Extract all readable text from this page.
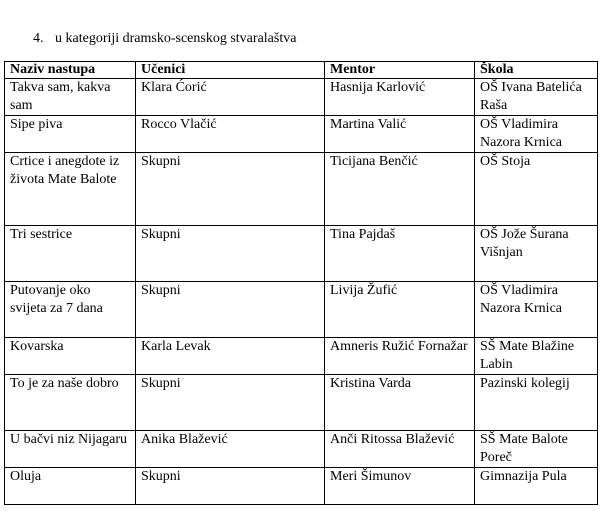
4. u kategoriji dramsko-scenskog stvaralaštva
Naziv nastupa	Učenici	Mentor	Škola
Takva sam, kakva sam	Klara Ćorić	Hasnija Karlović	OŠ Ivana Batelića Raša
Sipe piva	Rocco Vlačić	Martina Valić	OŠ Vladimira Nazora Krnica
Crtice i anegdote iz života Mate Balote	Skupni	Ticijana Benčić	OŠ Stoja
Tri sestrice	Skupni	Tina Pajdaš	OŠ Jože Šurana Višnjan
Putovanje oko svijeta za 7 dana	Skupni	Livija Žufić	OŠ Vladimira Nazora Krnica
Kovarska	Karla Levak	Amneris Ružić Fornažar	SŠ Mate Blažine Labin
To je za naše dobro	Skupni	Kristina Varda	Pazinski kolegij
U bačvi niz Nijagaru	Anika Blažević	Anči Ritossa Blažević	SŠ Mate Balote Poreč
Oluja	Skupni	Meri Šimunov	Gimnazija Pula
